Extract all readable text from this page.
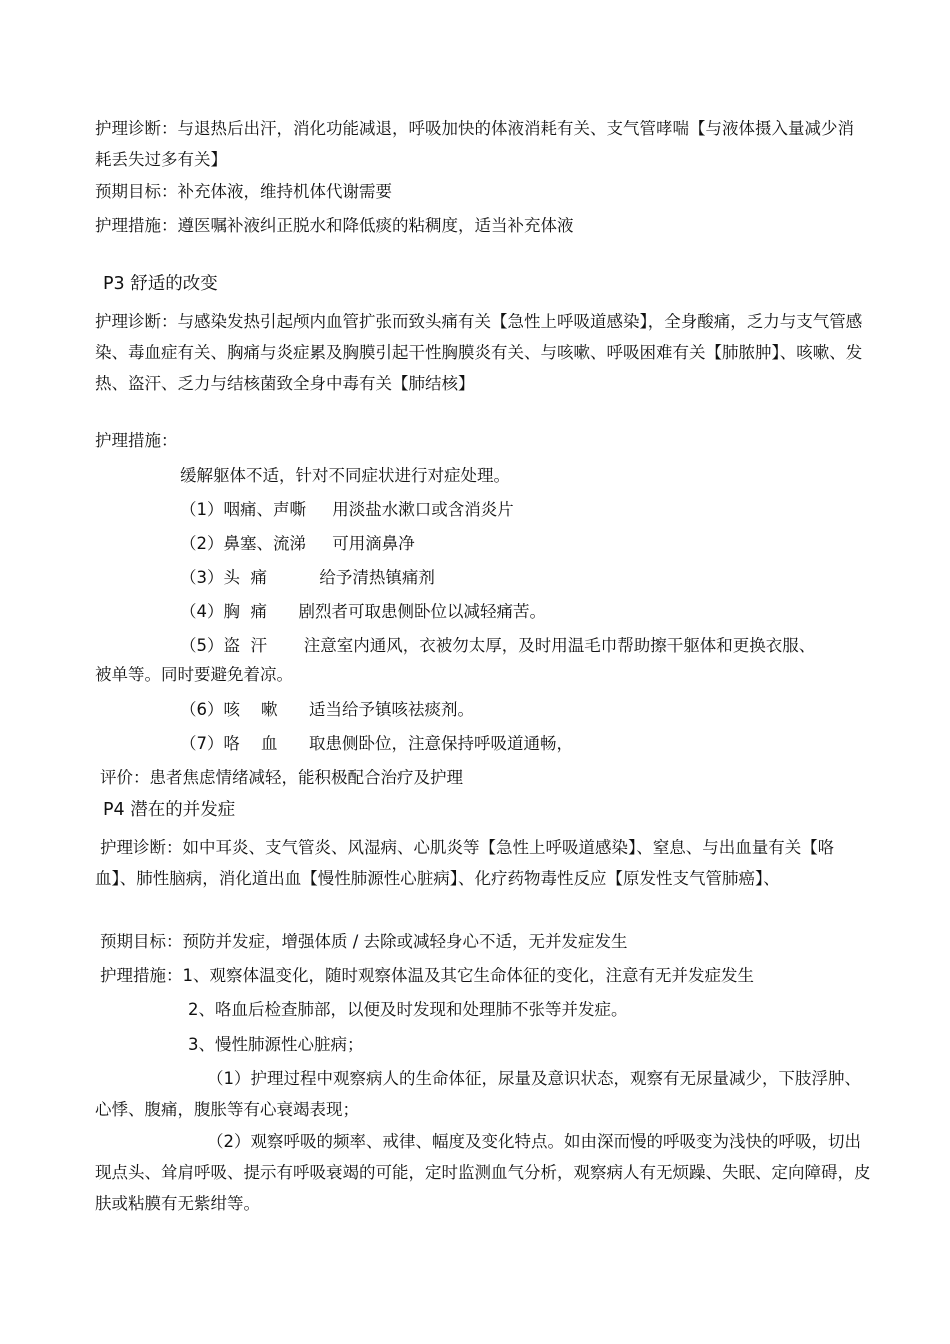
护理诊断：与退热后出汗，消化功能减退，呼吸加快的体液消耗有关、支气管哮喘【与液体摄入量减少消耗丢失过多有关】
预期目标：补充体液，维持机体代谢需要
护理措施：遵医嘱补液纠正脱水和降低痰的粘稠度，适当补充体液
P3 舒适的改变
护理诊断：与感染发热引起颅内血管扩张而致头痛有关【急性上呼吸道感染】，全身酸痛，乏力与支气管感染、毒血症有关、胸痛与炎症累及胸膜引起干性胸膜炎有关、与咳嗽、呼吸困难有关【肺脓肿】、咳嗽、发热、盗汗、乏力与结核菌致全身中毒有关【肺结核】
护理措施：
缓解躯体不适，针对不同症状进行对症处理。
（1）咽痛、声嘶     用淡盐水漱口或含消炎片
（2）鼻塞、流涕     可用滴鼻净
（3）头  痛          给予清热镇痛剂
（4）胸  痛      剧烈者可取患侧卧位以减轻痛苦。
（5）盗  汗       注意室内通风，衣被勿太厚，及时用温毛巾帮助擦干躯体和更换衣服、
被单等。同时要避免着凉。
（6）咳    嗽      适当给予镇咳祛痰剂。
（7）咯    血      取患侧卧位，注意保持呼吸道通畅，
评价：患者焦虑情绪减轻，能积极配合治疗及护理
P4 潜在的并发症
护理诊断：如中耳炎、支气管炎、风湿病、心肌炎等【急性上呼吸道感染】、窒息、与出血量有关【咯血】、肺性脑病，消化道出血【慢性肺源性心脏病】、化疗药物毒性反应【原发性支气管肺癌】、
预期目标：预防并发症，增强体质 / 去除或减轻身心不适，无并发症发生
护理措施：1、观察体温变化，随时观察体温及其它生命体征的变化，注意有无并发症发生
2、咯血后检查肺部，以便及时发现和处理肺不张等并发症。
3、慢性肺源性心脏病；
（1）护理过程中观察病人的生命体征，尿量及意识状态，观察有无尿量减少，下肢浮肿、心悸、腹痛，腹胀等有心衰竭表现；
（2）观察呼吸的频率、戒律、幅度及变化特点。如由深而慢的呼吸变为浅快的呼吸，切出现点头、耸肩呼吸、提示有呼吸衰竭的可能，定时监测血气分析，观察病人有无烦躁、失眠、定向障碍，皮肤或粘膜有无紫绀等。
